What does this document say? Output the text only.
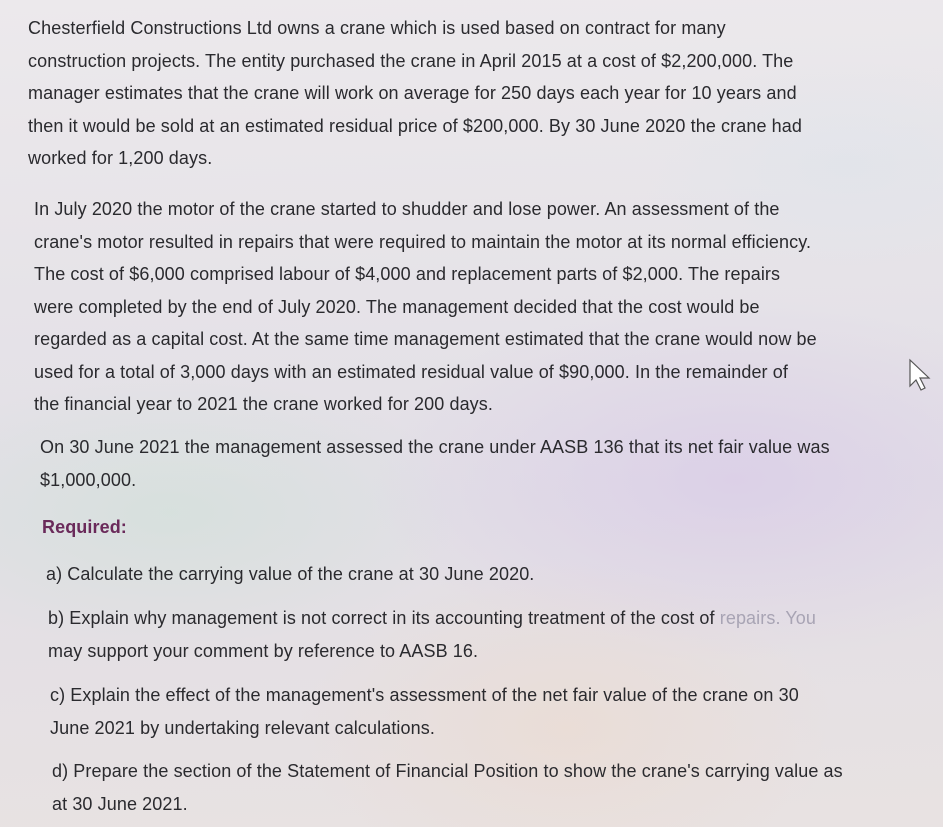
Chesterfield Constructions Ltd owns a crane which is used based on contract for many
construction projects. The entity purchased the crane in April 2015 at a cost of $2,200,000. The
manager estimates that the crane will work on average for 250 days each year for 10 years and
then it would be sold at an estimated residual price of $200,000. By 30 June 2020 the crane had
worked for 1,200 days.
In July 2020 the motor of the crane started to shudder and lose power. An assessment of the
crane's motor resulted in repairs that were required to maintain the motor at its normal efficiency.
The cost of $6,000 comprised labour of $4,000 and replacement parts of $2,000. The repairs
were completed by the end of July 2020. The management decided that the cost would be
regarded as a capital cost. At the same time management estimated that the crane would now be
used for a total of 3,000 days with an estimated residual value of $90,000. In the remainder of
the financial year to 2021 the crane worked for 200 days.
On 30 June 2021 the management assessed the crane under AASB 136 that its net fair value was
$1,000,000.
Required:
a) Calculate the carrying value of the crane at 30 June 2020.
b) Explain why management is not correct in its accounting treatment of the cost of repairs. You
may support your comment by reference to AASB 16.
c) Explain the effect of the management's assessment of the net fair value of the crane on 30
June 2021 by undertaking relevant calculations.
d) Prepare the section of the Statement of Financial Position to show the crane's carrying value as
at 30 June 2021.
